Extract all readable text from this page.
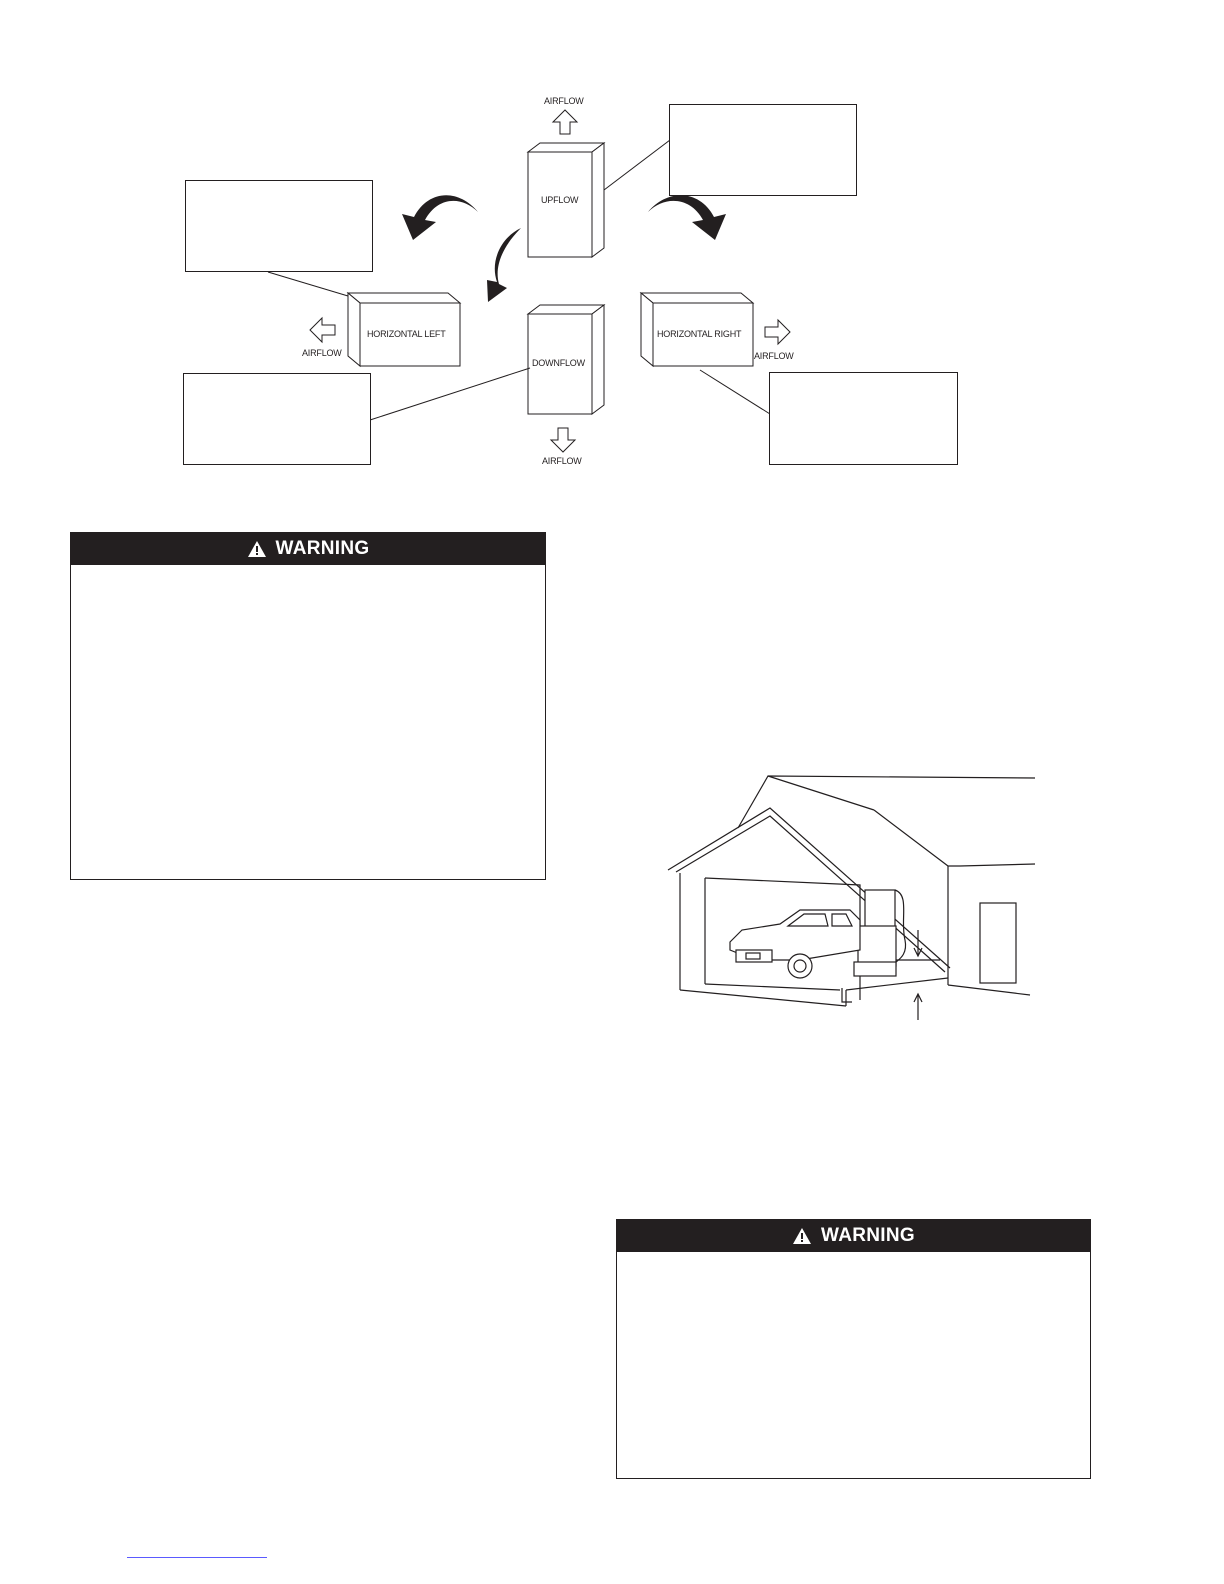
UPFLOW
DOWNFLOW
HORIZONTAL LEFT	HORIZONTAL RIGHT
AIRFLOW
AIRFLOW
AIRFLOW	AIRFLOW
WARNING
WARNING
